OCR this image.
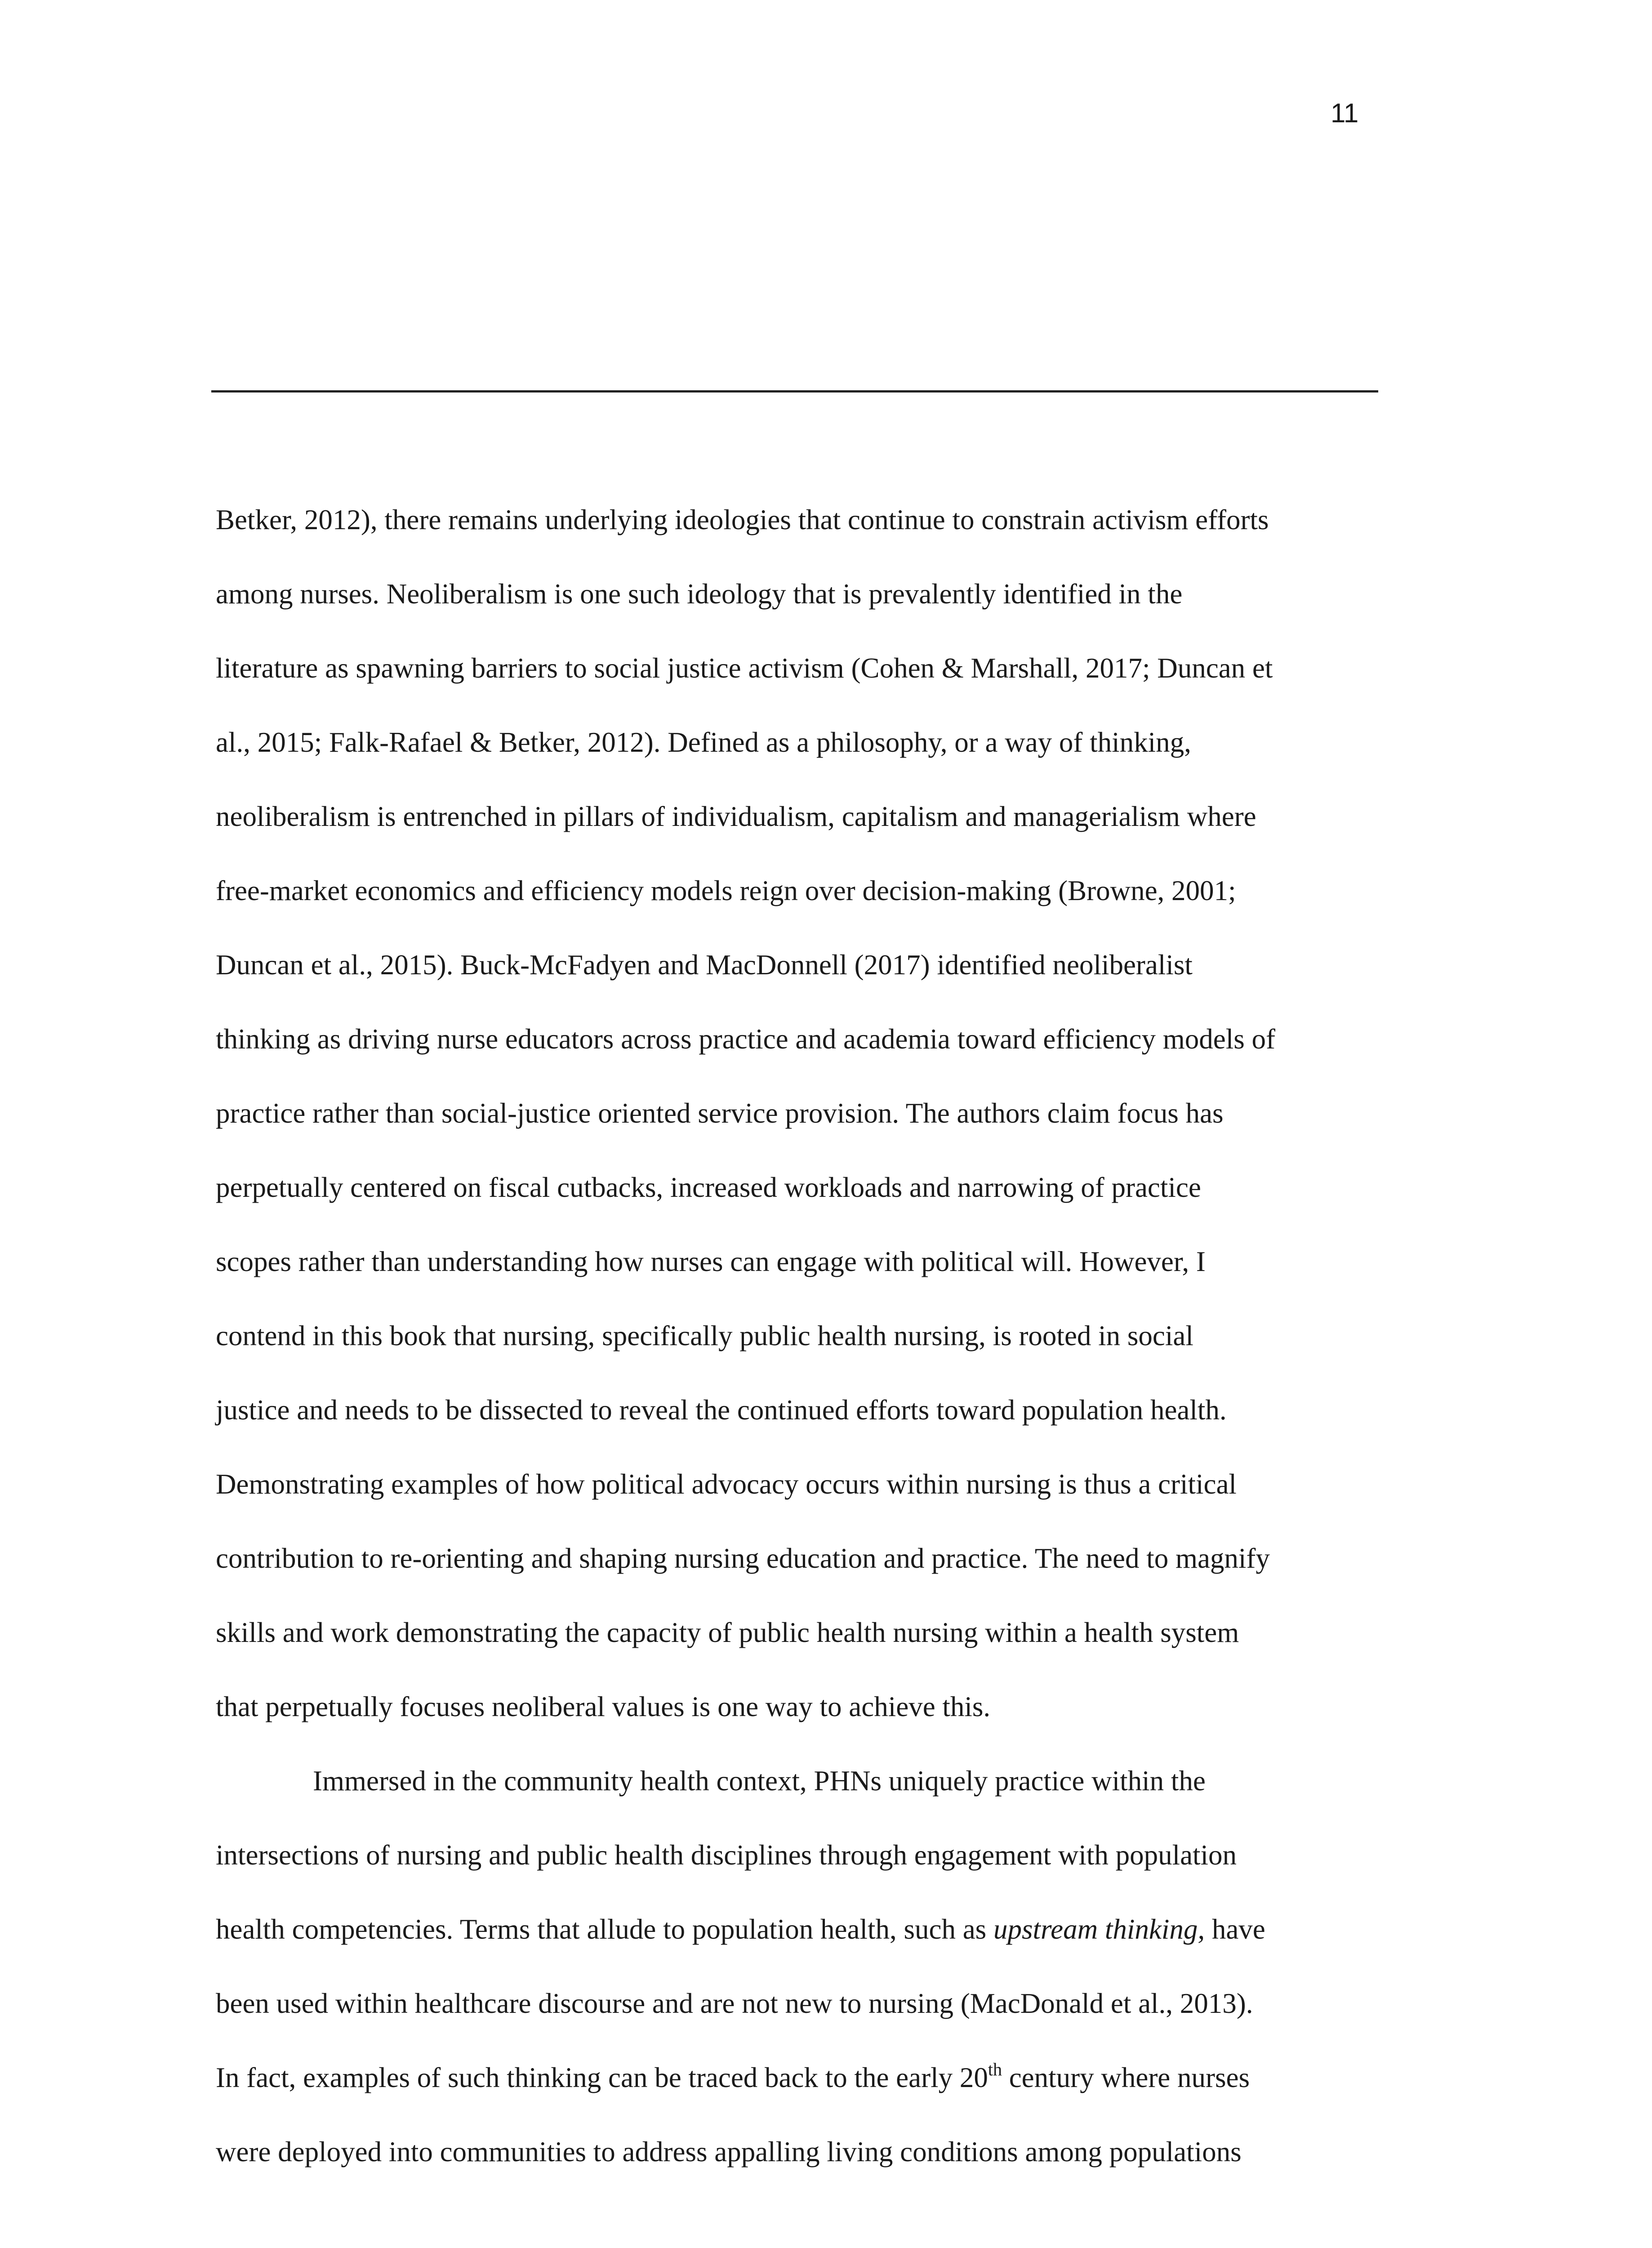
11
Betker, 2012), there remains underlying ideologies that continue to constrain activism efforts
among nurses. Neoliberalism is one such ideology that is prevalently identified in the
literature as spawning barriers to social justice activism (Cohen & Marshall, 2017; Duncan et
al., 2015; Falk-Rafael & Betker, 2012). Defined as a philosophy, or a way of thinking,
neoliberalism is entrenched in pillars of individualism, capitalism and managerialism where
free-market economics and efficiency models reign over decision-making (Browne, 2001;
Duncan et al., 2015). Buck-McFadyen and MacDonnell (2017) identified neoliberalist
thinking as driving nurse educators across practice and academia toward efficiency models of
practice rather than social-justice oriented service provision. The authors claim focus has
perpetually centered on fiscal cutbacks, increased workloads and narrowing of practice
scopes rather than understanding how nurses can engage with political will. However, I
contend in this book that nursing, specifically public health nursing, is rooted in social
justice and needs to be dissected to reveal the continued efforts toward population health.
Demonstrating examples of how political advocacy occurs within nursing is thus a critical
contribution to re-orienting and shaping nursing education and practice. The need to magnify
skills and work demonstrating the capacity of public health nursing within a health system
that perpetually focuses neoliberal values is one way to achieve this.
Immersed in the community health context, PHNs uniquely practice within the
intersections of nursing and public health disciplines through engagement with population
health competencies. Terms that allude to population health, such as upstream thinking, have
been used within healthcare discourse and are not new to nursing (MacDonald et al., 2013).
In fact, examples of such thinking can be traced back to the early 20th century where nurses
were deployed into communities to address appalling living conditions among populations
